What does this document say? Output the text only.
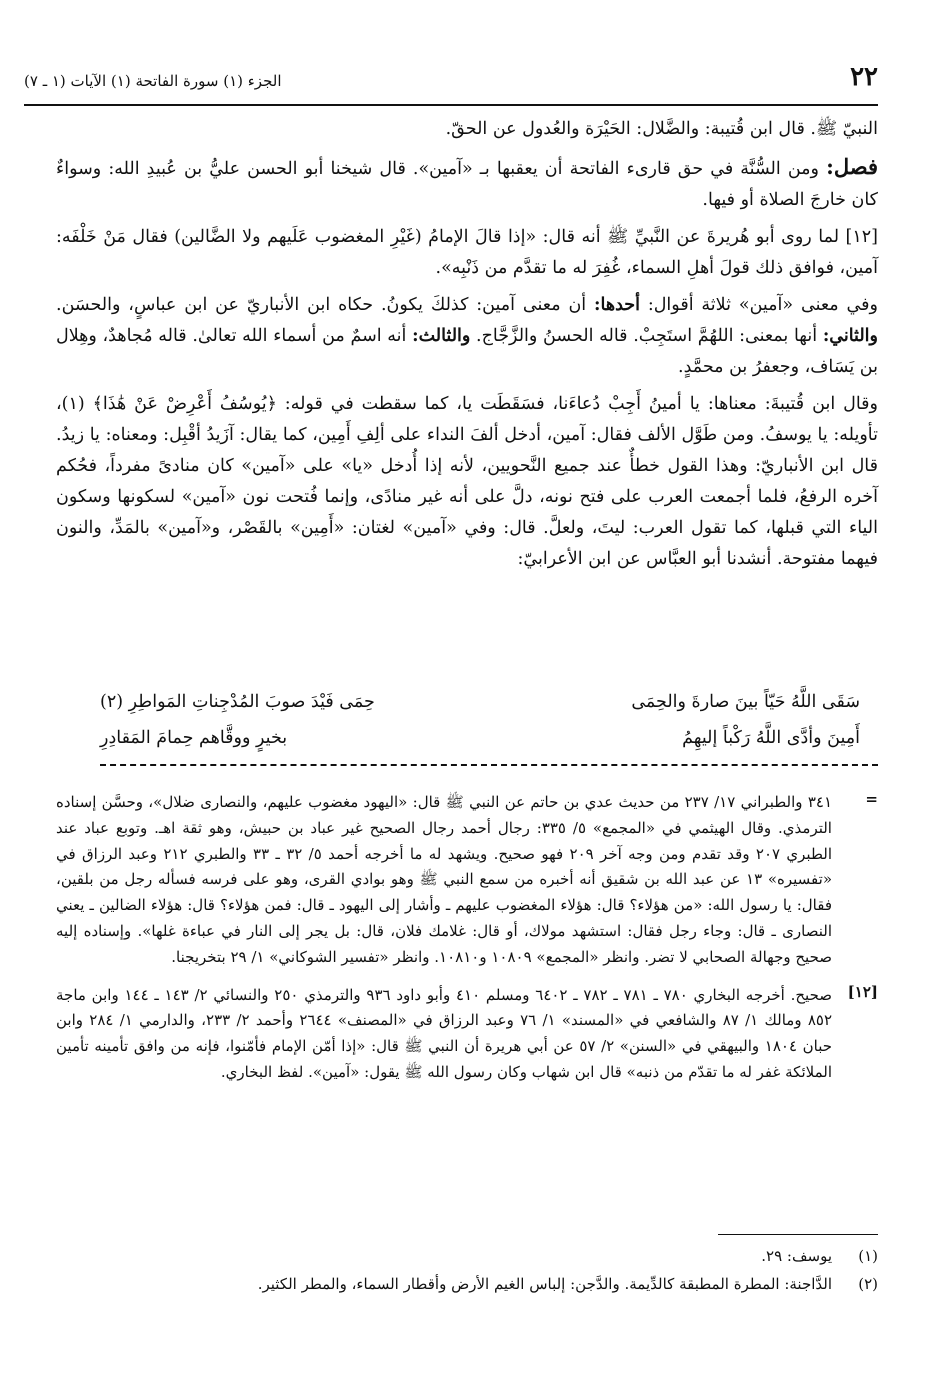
٢٢
الجزء (١) سورة الفاتحة (١) الآيات (١ ـ ٧)

النبيّ ﷺ. قال ابن قُتيبة: والضَّلال: الحَيْرَة والعُدول عن الحقّ.

فصل: ومن السُّنَّة في حق قارىء الفاتحة أن يعقبها بـ «آمين». قال شيخنا أبو الحسن عليُّ بن عُبيدِ الله: وسواءٌ كان خارجَ الصلاة أو فيها.

[١٢] لما روى أبو هُريرةَ عن النَّبيِّ ﷺ أنه قال: «إذا قالَ الإمامُ (غَيْرِ المغضوب عَلَيهم ولا الضَّالين) فقال مَنْ خَلْفَه: آمين، فوافق ذلك قولَ أهلِ السماء، غُفِرَ له ما تقدَّم من ذَنْبِه».

وفي معنى «آمين» ثلاثة أقوال: أحدها: أن معنى آمين: كذلكَ يكونُ. حكاه ابن الأنباريّ عن ابن عباسٍ، والحسَن. والثاني: أنها بمعنى: اللهُمَّ استَجِبْ. قاله الحسنُ والزَّجَّاج. والثالث: أنه اسمٌ من أسماء الله تعالىٰ. قاله مُجاهدٌ، وهِلال بن يَسَاف، وجعفرُ بن محمَّدٍ.

وقال ابن قُتيبةَ: معناها: يا أمينُ أَجِبْ دُعاءَنا، فسَقَطَت يا، كما سقطت في قوله: ﴿يُوسُفُ أَعْرِضْ عَنْ هَٰذَا﴾ (١)، تأويله: يا يوسفُ. ومن طَوَّل الألف فقال: آمين، أدخل ألفَ النداء على ألِفِ أَمِين، كما يقال: آزَيدُ أقْبِل: ومعناه: يا زيدُ. قال ابن الأنباريّ: وهذا القول خطأٌ عند جميع النَّحويين، لأنه إذا أُدخل «يا» على «آمين» كان منادىً مفرداً، فحُكم آخره الرفعُ، فلما أجمعت العرب على فتح نونه، دلَّ على أنه غير منادًى، وإنما فُتحت نون «آمين» لسكونها وسكون الياء التي قبلها، كما تقول العرب: ليتَ، ولعلَّ. قال: وفي «آمين» لغتان: «أَمِين» بالقَصْر، و«آمين» بالمَدِّ، والنون فيهما مفتوحة. أنشدنا أبو العبَّاس عن ابن الأعرابيّ:

سَقَى اللَّهُ حَيّاً بينَ صارةَ والحِمَى
حِمَى فَيْدَ صوبَ المُدْجِناتِ المَواطِرِ (٢)
أَمِينَ وأدَّى اللَّهُ رَكْباً إليهِمُ
بخيرٍ ووقَّاهم حِمامَ المَقادِرِ
=
٣٤١ والطبراني ١٧/ ٢٣٧ من حديث عدي بن حاتم عن النبي ﷺ قال: «اليهود مغضوب عليهم، والنصارى ضلال»، وحسَّن إسناده الترمذي. وقال الهيثمي في «المجمع» ٥/ ٣٣٥: رجال أحمد رجال الصحيح غير عباد بن حبيش، وهو ثقة اهـ. وتوبع عباد عند الطبري ٢٠٧ وقد تقدم ومن وجه آخر ٢٠٩ فهو صحيح. ويشهد له ما أخرجه أحمد ٥/ ٣٢ ـ ٣٣ والطبري ٢١٢ وعبد الرزاق في «تفسيره» ١٣ عن عبد الله بن شقيق أنه أخبره من سمع النبي ﷺ وهو بوادي القرى، وهو على فرسه فسأله رجل من بلقين، فقال: يا رسول الله: «من هؤلاء؟ قال: هؤلاء المغضوب عليهم ـ وأشار إلى اليهود ـ قال: فمن هؤلاء؟ قال: هؤلاء الضالين ـ يعني النصارى ـ قال: وجاء رجل فقال: استشهد مولاك، أو قال: غلامك فلان، قال: بل يجر إلى النار في عباءة غلها». وإسناده إليه صحيح وجهالة الصحابي لا تضر. وانظر «المجمع» ١٠٨٠٩ و١٠٨١٠. وانظر «تفسير الشوكاني» ١/ ٢٩ بتخريجنا.
[١٢]
صحيح. أخرجه البخاري ٧٨٠ ـ ٧٨١ ـ ٧٨٢ ـ ٦٤٠٢ ومسلم ٤١٠ وأبو داود ٩٣٦ والترمذي ٢٥٠ والنسائي ٢/ ١٤٣ ـ ١٤٤ وابن ماجة ٨٥٢ ومالك ١/ ٨٧ والشافعي في «المسند» ١/ ٧٦ وعبد الرزاق في «المصنف» ٢٦٤٤ وأحمد ٢/ ٢٣٣، والدارمي ١/ ٢٨٤ وابن حبان ١٨٠٤ والبيهقي في «السنن» ٢/ ٥٧ عن أبي هريرة أن النبي ﷺ قال: «إذا أمّن الإمام فأمّنوا، فإنه من وافق تأمينه تأمين الملائكة غفر له ما تقدّم من ذنبه» قال ابن شهاب وكان رسول الله ﷺ يقول: «آمين». لفظ البخاري.
(١)
يوسف: ٢٩.
(٢)
الدَّاجنة: المطرة المطبقة كالدِّيمة. والدَّجن: إلباس الغيم الأرض وأقطار السماء، والمطر الكثير.
